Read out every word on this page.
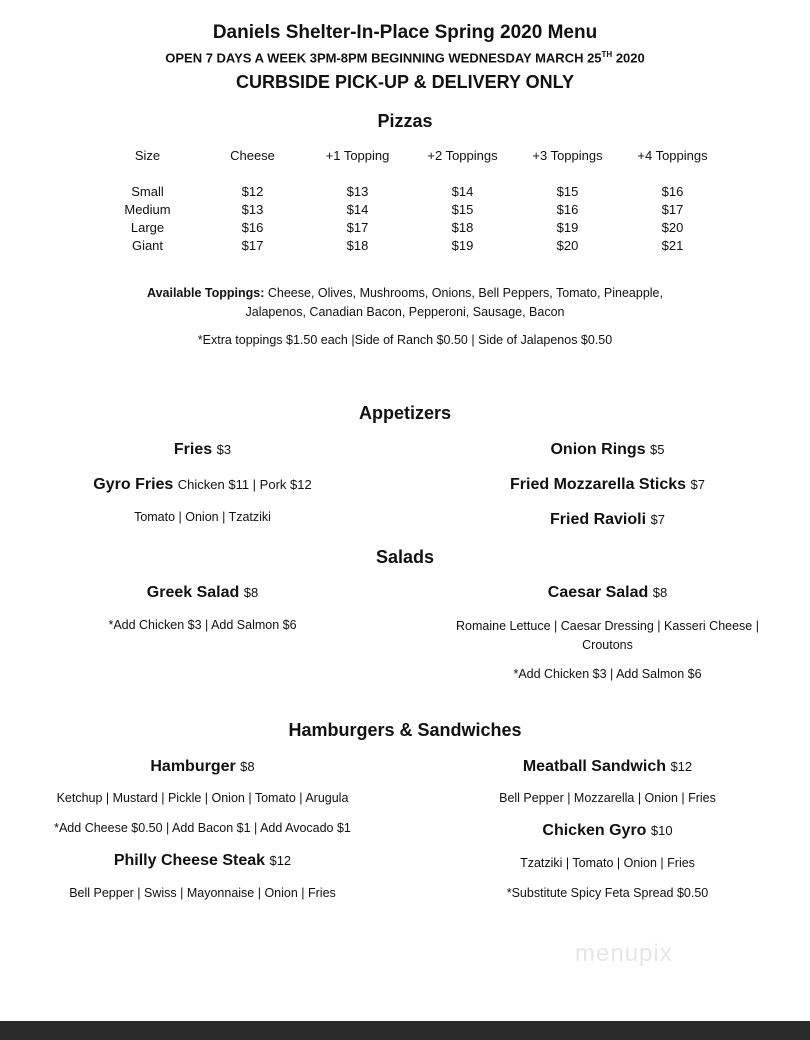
Daniels Shelter-In-Place Spring 2020 Menu
OPEN 7 DAYS A WEEK 3PM-8PM BEGINNING WEDNESDAY MARCH 25TH 2020
CURBSIDE PICK-UP & DELIVERY ONLY
Pizzas
Size	Cheese	+1 Topping	+2 Toppings	+3 Toppings	+4 Toppings
Small	$12	$13	$14	$15	$16
Medium	$13	$14	$15	$16	$17
Large	$16	$17	$18	$19	$20
Giant	$17	$18	$19	$20	$21
Available Toppings: Cheese, Olives, Mushrooms, Onions, Bell Peppers, Tomato, Pineapple, Jalapenos, Canadian Bacon, Pepperoni, Sausage, Bacon
*Extra toppings $1.50 each |Side of Ranch $0.50 | Side of Jalapenos $0.50
Appetizers
Fries $3
Gyro Fries Chicken $11 | Pork $12
Tomato | Onion | Tzatziki
Onion Rings $5
Fried Mozzarella Sticks $7
Fried Ravioli $7
Salads
Greek Salad $8
*Add Chicken $3 | Add Salmon $6
Caesar Salad $8
Romaine Lettuce | Caesar Dressing | Kasseri Cheese | Croutons
*Add Chicken $3 | Add Salmon $6
Hamburgers & Sandwiches
Hamburger $8
Ketchup | Mustard | Pickle | Onion | Tomato | Arugula
*Add Cheese $0.50 | Add Bacon $1 | Add Avocado $1
Philly Cheese Steak $12
Bell Pepper | Swiss | Mayonnaise | Onion | Fries
Meatball Sandwich $12
Bell Pepper | Mozzarella | Onion | Fries
Chicken Gyro $10
Tzatziki | Tomato | Onion | Fries
*Substitute Spicy Feta Spread $0.50
menupix
